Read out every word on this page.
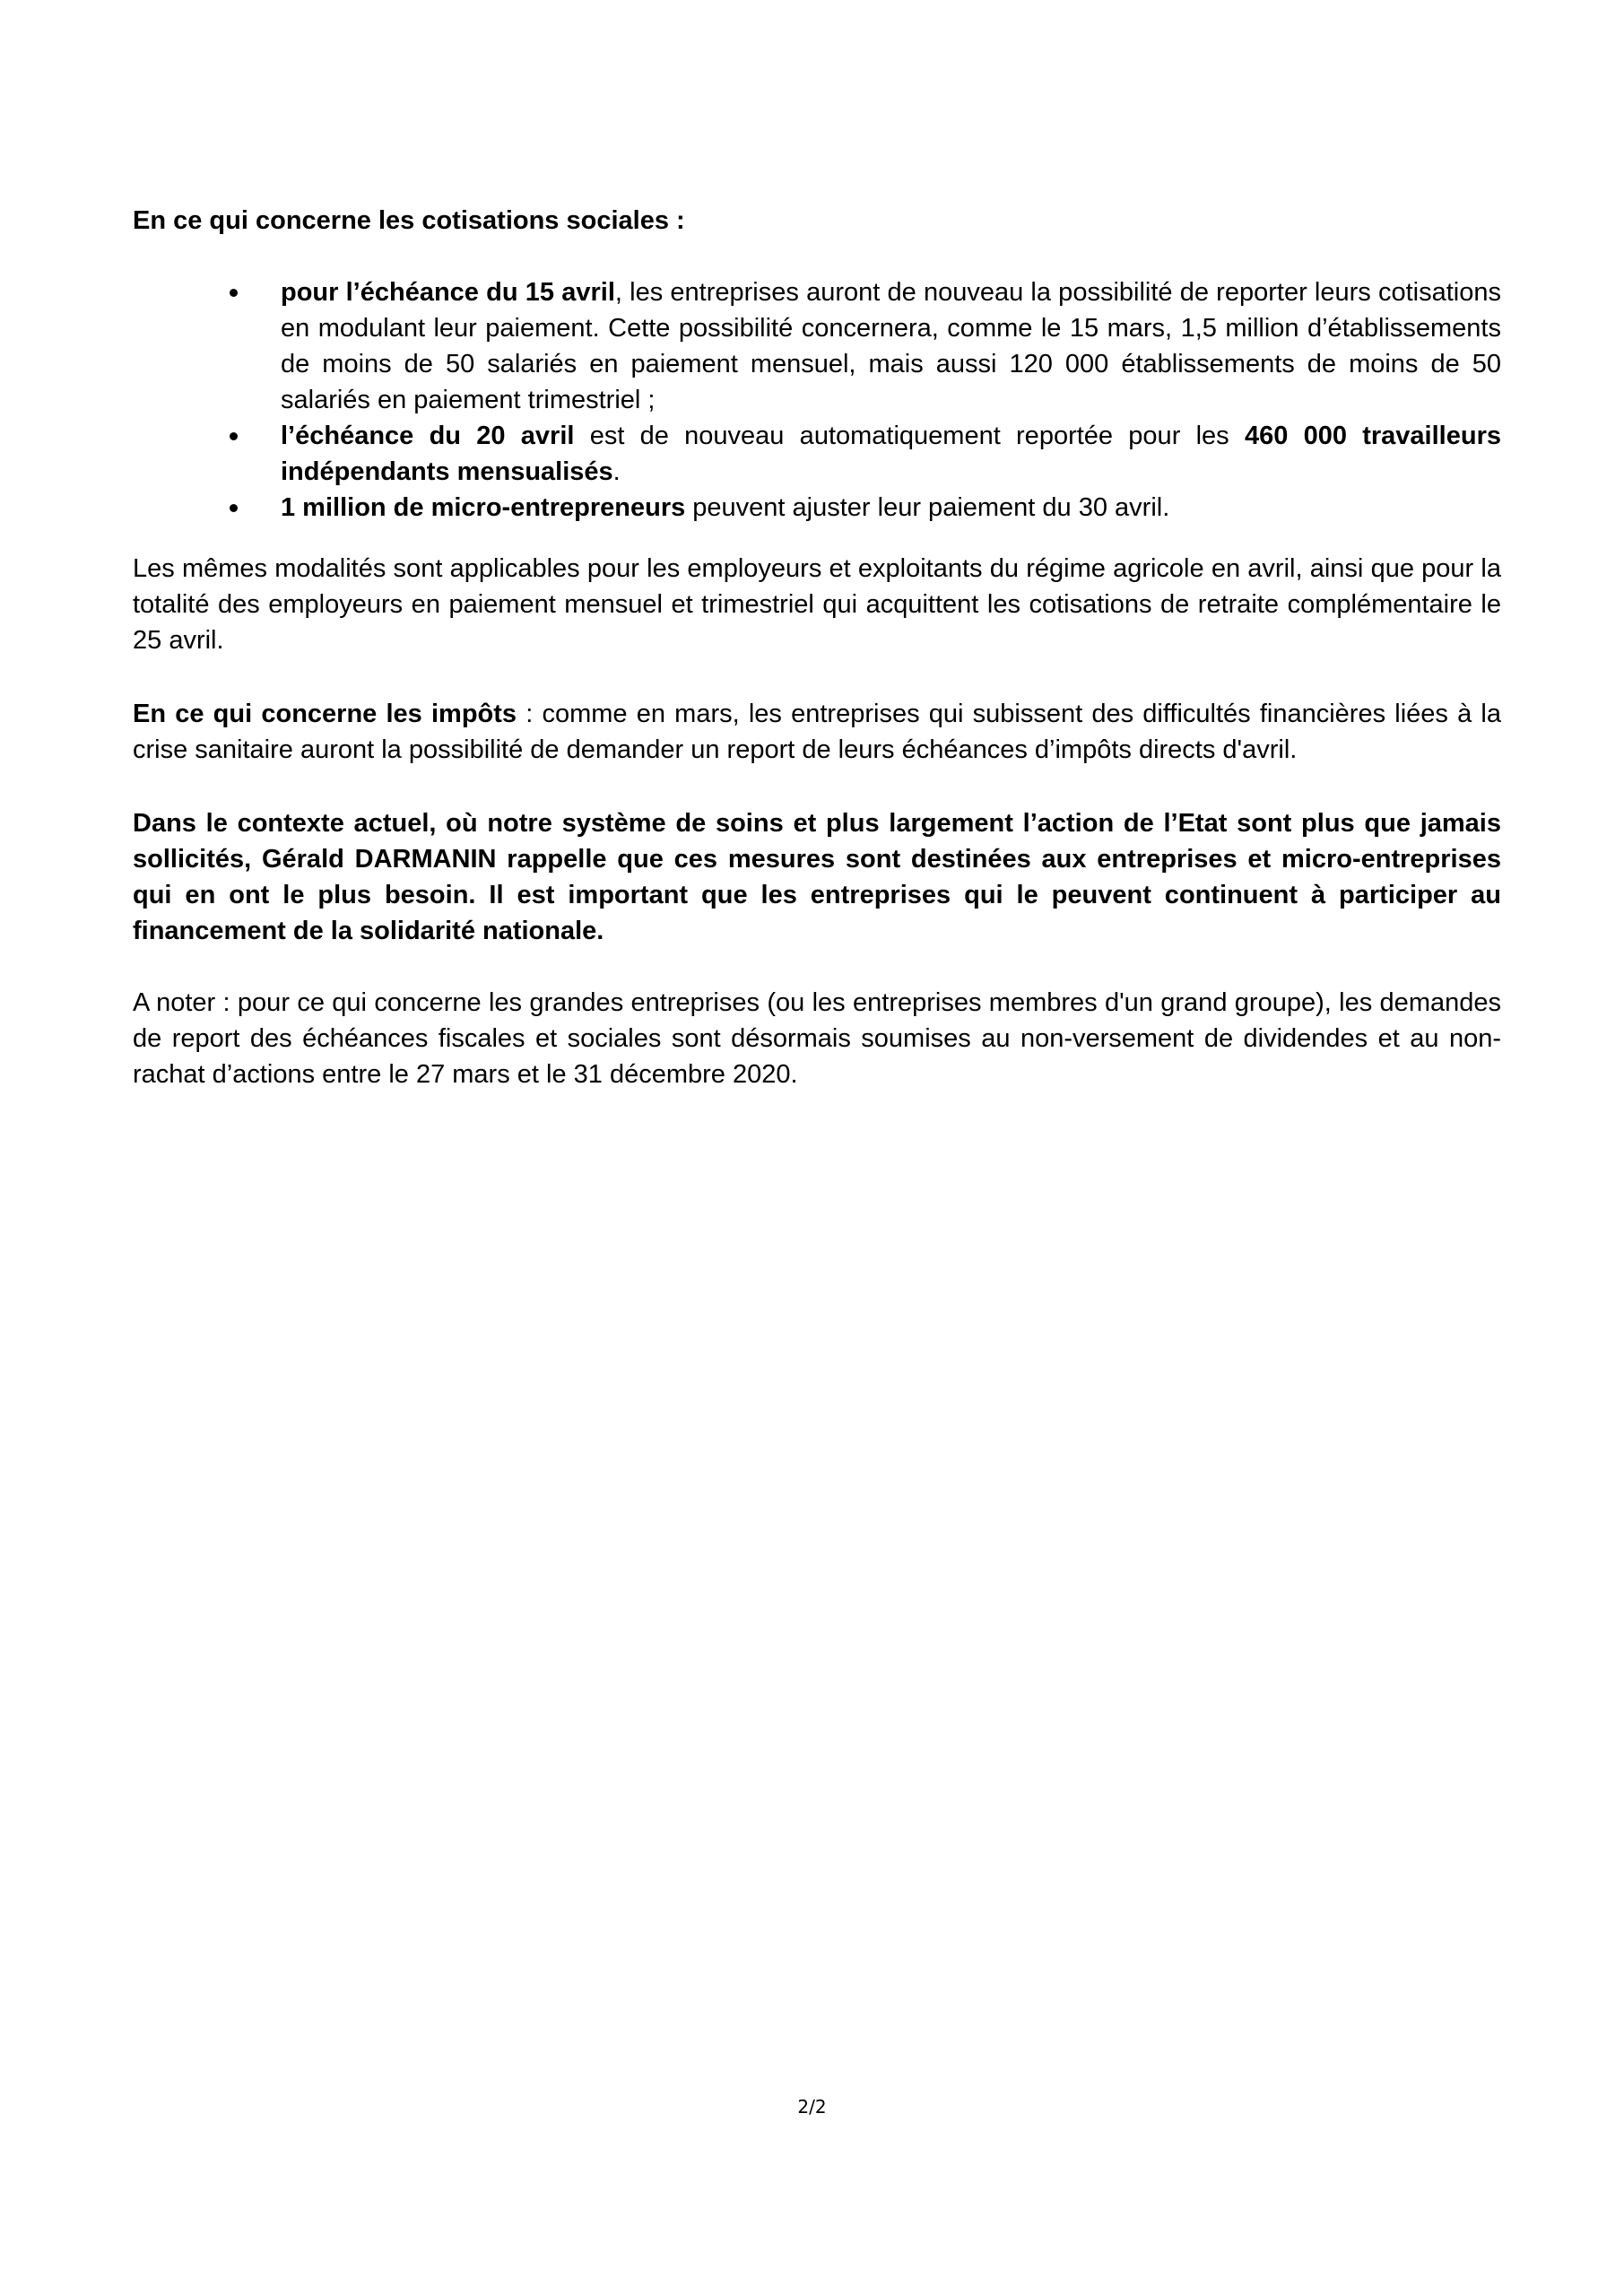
En ce qui concerne les cotisations sociales :

pour l’échéance du 15 avril, les entreprises auront de nouveau la possibilité de reporter leurs cotisations en modulant leur paiement. Cette possibilité concernera, comme le 15 mars, 1,5 million d’établissements de moins de 50 salariés en paiement mensuel, mais aussi 120 000 établissements de moins de 50 salariés en paiement trimestriel ;
l’échéance du 20 avril est de nouveau automatiquement reportée pour les 460 000 travailleurs indépendants mensualisés.
1 million de micro-entrepreneurs peuvent ajuster leur paiement du 30 avril.

Les mêmes modalités sont applicables pour les employeurs et exploitants du régime agricole en avril, ainsi que pour la totalité des employeurs en paiement mensuel et trimestriel qui acquittent les cotisations de retraite complémentaire le 25 avril.

En ce qui concerne les impôts : comme en mars, les entreprises qui subissent des difficultés financières liées à la crise sanitaire auront la possibilité de demander un report de leurs échéances d’impôts directs d'avril.

Dans le contexte actuel, où notre système de soins et plus largement l’action de l’Etat sont plus que jamais sollicités, Gérald DARMANIN rappelle que ces mesures sont destinées aux entreprises et micro-entreprises qui en ont le plus besoin. Il est important que les entreprises qui le peuvent continuent à participer au financement de la solidarité nationale.

A noter : pour ce qui concerne les grandes entreprises (ou les entreprises membres d'un grand groupe), les demandes de report des échéances fiscales et sociales sont désormais soumises au non-versement de dividendes et au non-rachat d’actions entre le 27 mars et le 31 décembre 2020.

2/2
